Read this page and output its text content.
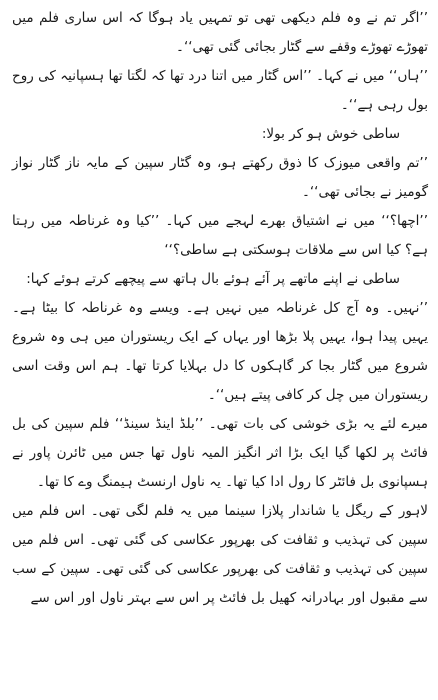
’’اگر تم نے وہ فلم دیکھی تھی تو تمہیں یاد ہوگا کہ اس ساری فلم میں تھوڑے تھوڑے وقفے سے گٹار بجائی گئی تھی‘‘۔

’’ہاں‘‘ میں نے کہا۔ ’’اس گٹار میں اتنا درد تھا کہ لگتا تھا ہسپانیہ کی روح بول رہی ہے‘‘۔

ساطی خوش ہو کر بولا:

’’تم واقعی میوزک کا ذوق رکھتے ہو، وہ گٹار سپین کے مایہ ناز گٹار نواز گومیز نے بجائی تھی‘‘۔

’’اچھا؟‘‘ میں نے اشتیاق بھرے لہجے میں کہا۔ ’’کیا وہ غرناطہ میں رہتا ہے؟ کیا اس سے ملاقات ہوسکتی ہے ساطی؟‘‘

ساطی نے اپنے ماتھے پر آئے ہوئے بال ہاتھ سے پیچھے کرتے ہوئے کہا:

’’نہیں۔ وہ آج کل غرناطہ میں نہیں ہے۔ ویسے وہ غرناطہ کا بیٹا ہے۔ یہیں پیدا ہوا، یہیں پلا بڑھا اور یہاں کے ایک ریستوران میں ہی وہ شروع شروع میں گٹار بجا کر گاہکوں کا دل بہلایا کرتا تھا۔ ہم اس وقت اسی ریستوران میں چل کر کافی پیتے ہیں‘‘۔

میرے لئے یہ بڑی خوشی کی بات تھی۔ ’’بلڈ اینڈ سینڈ‘‘ فلم سپین کی بل فائٹ پر لکھا گیا ایک بڑا اثر انگیز المیہ ناول تھا جس میں ٹائرن پاور نے ہسپانوی بل فائٹر کا رول ادا کیا تھا۔ یہ ناول ارنسٹ ہیمنگ وے کا تھا۔

لاہور کے ریگل یا شاندار پلازا سینما میں یہ فلم لگی تھی۔ اس فلم میں سپین کی تہذیب و ثقافت کی بھرپور عکاسی کی گئی تھی۔ اس فلم میں سپین کی تہذیب و ثقافت کی بھرپور عکاسی کی گئی تھی۔ سپین کے سب سے مقبول اور بہادرانہ کھیل بل فائٹ پر اس سے بہتر ناول اور اس سے
